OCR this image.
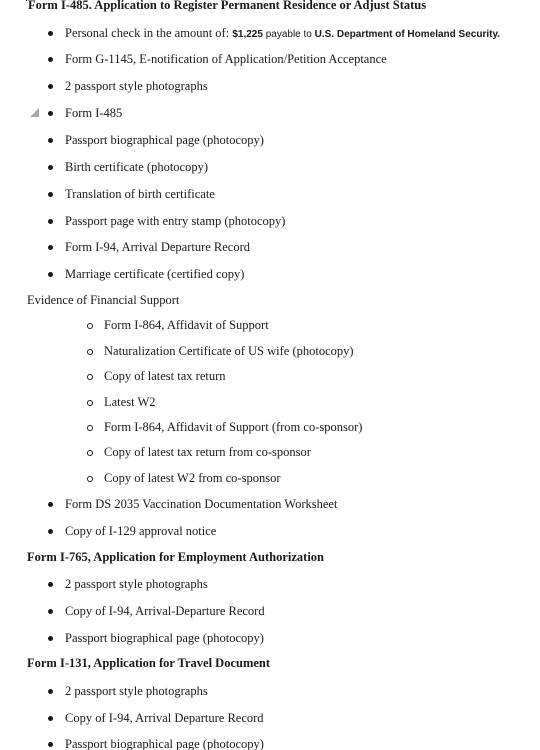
Form I-485. Application to Register Permanent Residence or Adjust Status
Personal check in the amount of: $1,225 payable to U.S. Department of Homeland Security.
Form G-1145, E-notification of Application/Petition Acceptance
2 passport style photographs
Form I-485
Passport biographical page (photocopy)
Birth certificate (photocopy)
Translation of birth certificate
Passport page with entry stamp (photocopy)
Form I-94, Arrival Departure Record
Marriage certificate (certified copy)
Evidence of Financial Support
Form I-864, Affidavit of Support
Naturalization Certificate of US wife (photocopy)
Copy of latest tax return
Latest W2
Form I-864, Affidavit of Support (from co-sponsor)
Copy of latest tax return from co-sponsor
Copy of latest W2 from co-sponsor
Form DS 2035 Vaccination Documentation Worksheet
Copy of I-129 approval notice
Form I-765, Application for Employment Authorization
2 passport style photographs
Copy of I-94, Arrival-Departure Record
Passport biographical page (photocopy)
Form I-131, Application for Travel Document
2 passport style photographs
Copy of I-94, Arrival Departure Record
Passport biographical page (photocopy)
